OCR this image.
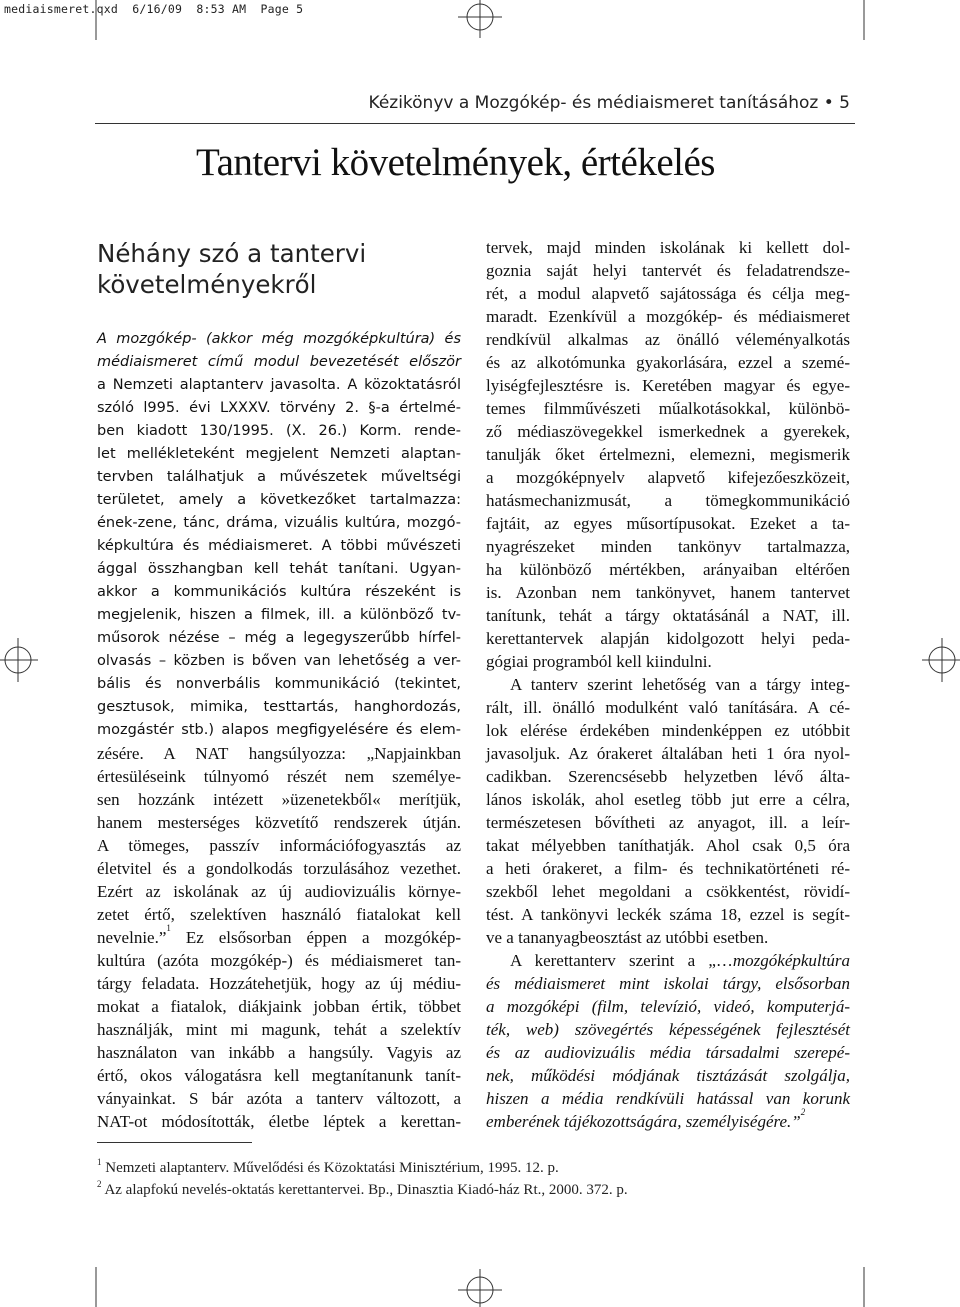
mediaismeret.qxd  6/16/09  8:53 AM  Page 5
Kézikönyv a Mozgókép- és médiaismeret tanításához • 5
Tantervi követelmények, értékelés
Néhány szó a tantervi
követelményekről
A mozgókép- (akkor még mozgóképkultúra) és
médiaismeret című modul bevezetését először
a Nemzeti alaptanterv javasolta. A közoktatásról
szóló l995. évi LXXXV. törvény 2. §-a értelmé-
ben kiadott 130/1995. (X. 26.) Korm. rende-
let mellékleteként megjelent Nemzeti alaptan-
tervben találhatjuk a művészetek műveltségi
területet, amely a következőket tartalmazza:
ének-zene, tánc, dráma, vizuális kultúra, mozgó-
képkultúra és médiaismeret. A többi művészeti
ággal összhangban kell tehát tanítani. Ugyan-
akkor a kommunikációs kultúra részeként is
megjelenik, hiszen a filmek, ill. a különböző tv-
műsorok nézése – még a legegyszerűbb hírfel-
olvasás – közben is bőven van lehetőség a ver-
bális és nonverbális kommunikáció (tekintet,
gesztusok, mimika, testtartás, hanghordozás,
mozgástér stb.) alapos megfigyelésére és elem-
zésére. A NAT hangsúlyozza: „Napjainkban
értesüléseink túlnyomó részét nem személye-
sen hozzánk intézett »üzenetekből« merítjük,
hanem mesterséges közvetítő rendszerek útján.
A tömeges, passzív információfogyasztás az
életvitel és a gondolkodás torzulásához vezethet.
Ezért az iskolának az új audiovizuális környe-
zetet értő, szelektíven használó fiatalokat kell
nevelnie.”$^1$ Ez elsősorban éppen a mozgókép-
kultúra (azóta mozgókép-) és médiaismeret tan-
tárgy feladata. Hozzátehetjük, hogy az új médiu-
mokat a fiatalok, diákjaink jobban értik, többet
használják, mint mi magunk, tehát a szelektív
használaton van inkább a hangsúly. Vagyis az
értő, okos válogatásra kell megtanítanunk tanít-
ványainkat. S bár azóta a tanterv változott, a
NAT-ot módosították, életbe léptek a kerettan-
tervek, majd minden iskolának ki kellett dol-
goznia saját helyi tantervét és feladatrendsze-
rét, a modul alapvető sajátossága és célja meg-
maradt. Ezenkívül a mozgókép- és médiaismeret
rendkívül alkalmas az önálló véleményalkotás
és az alkotómunka gyakorlására, ezzel a szemé-
lyiségfejlesztésre is. Keretében magyar és egye-
temes filmművészeti műalkotásokkal, különbö-
ző médiaszövegekkel ismerkednek a gyerekek,
tanulják őket értelmezni, elemezni, megismerik
a mozgóképnyelv alapvető kifejezőeszközeit,
hatásmechanizmusát, a tömegkommunikáció
fajtáit, az egyes műsortípusokat. Ezeket a ta-
nyagrészeket minden tankönyv tartalmazza,
ha különböző mértékben, arányaiban eltérően
is. Azonban nem tankönyvet, hanem tantervet
tanítunk, tehát a tárgy oktatásánál a NAT, ill.
kerettantervek alapján kidolgozott helyi peda-
gógiai programból kell kiindulni.
A tanterv szerint lehetőség van a tárgy integ-
rált, ill. önálló modulként való tanítására. A cé-
lok elérése érdekében mindenképpen ez utóbbit
javasoljuk. Az órakeret általában heti 1 óra nyol-
cadikban. Szerencsésebb helyzetben lévő álta-
lános iskolák, ahol esetleg több jut erre a célra,
természetesen bővítheti az anyagot, ill. a leír-
takat mélyebben taníthatják. Ahol csak 0,5 óra
a heti órakeret, a film- és technikatörténeti ré-
szekből lehet megoldani a csökkentést, rövidí-
tést. A tankönyvi leckék száma 18, ezzel is segít-
ve a tananyagbeosztást az utóbbi esetben.
A kerettanterv szerint a „…mozgóképkultúra
és médiaismeret mint iskolai tárgy, elsősorban
a mozgóképi (film, televízió, videó, komputerjá-
ték, web) szövegértés képességének fejlesztését
és az audiovizuális média társadalmi szerepé-
nek, működési módjának tisztázását szolgálja,
hiszen a média rendkívüli hatással van korunk
emberének tájékozottságára, személyiségére.”$^2$
$^1$ Nemzeti alaptanterv. Művelődési és Közoktatási Minisztérium, 1995. 12. p.
$^2$ Az alapfokú nevelés-oktatás kerettantervei. Bp., Dinasztia Kiadó-ház Rt., 2000. 372. p.
